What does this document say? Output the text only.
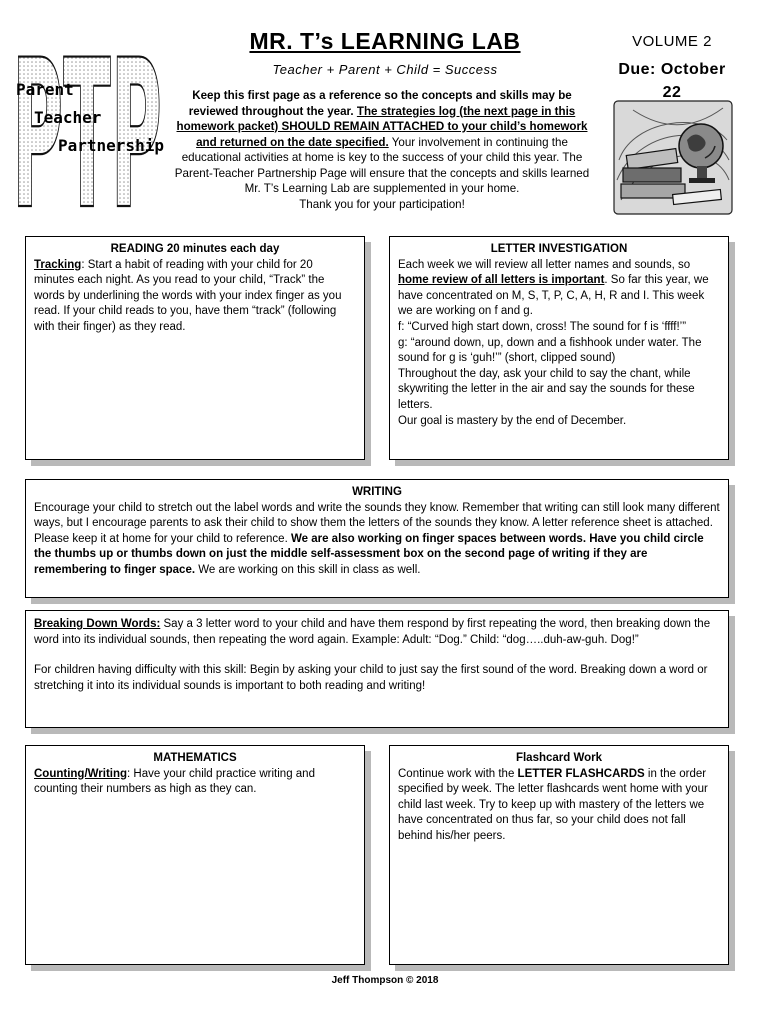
PTP
Parent
Teacher
Partnership
MR. T’s LEARNING LAB
Teacher + Parent + Child = Success
Keep this first page as a reference so the concepts and skills may be reviewed throughout the year. The strategies log (the next page in this homework packet) SHOULD REMAIN ATTACHED to your child’s homework and returned on the date specified. Your involvement in continuing the educational activities at home is key to the success of your child this year. The Parent-Teacher Partnership Page will ensure that the concepts and skills learned Mr. T’s Learning Lab are supplemented in your home.
Thank you for your participation!
VOLUME 2
Due: October
22

READING 20 minutes each day

Tracking: Start a habit of reading with your child for 20 minutes each night. As you read to your child, “Track” the words by underlining the words with your index finger as you read. If your child reads to you, have them “track” (following with their finger) as they read.

LETTER INVESTIGATION

Each week we will review all letter names and sounds, so home review of all letters is important. So far this year, we have concentrated on M, S, T, P, C, A, H, R and I. This week we are working on f and g.

f: “Curved high start down, cross! The sound for f is ‘ffff!’”

g: “around down, up, down and a fishhook under water. The sound for g is ‘guh!’” (short, clipped sound)

Throughout the day, ask your child to say the chant, while skywriting the letter in the air and say the sounds for these letters.

Our goal is mastery by the end of December.

WRITING

Encourage your child to stretch out the label words and write the sounds they know. Remember that writing can still look many different ways, but I encourage parents to ask their child to show them the letters of the sounds they know. A letter reference sheet is attached. Please keep it at home for your child to reference. We are also working on finger spaces between words. Have you child circle the thumbs up or thumbs down on just the middle self-assessment box on the second page of writing if they are remembering to finger space. We are working on this skill in class as well.

Breaking Down Words: Say a 3 letter word to your child and have them respond by first repeating the word, then breaking down the word into its individual sounds, then repeating the word again. Example: Adult: “Dog.” Child: “dog…..duh-aw-guh. Dog!”

For children having difficulty with this skill: Begin by asking your child to just say the first sound of the word. Breaking down a word or stretching it into its individual sounds is important to both reading and writing!

MATHEMATICS

Counting/Writing: Have your child practice writing and counting their numbers as high as they can.

Flashcard Work

Continue work with the LETTER FLASHCARDS in the order specified by week. The letter flashcards went home with your child last week. Try to keep up with mastery of the letters we have concentrated on thus far, so your child does not fall behind his/her peers.

Jeff Thompson © 2018
